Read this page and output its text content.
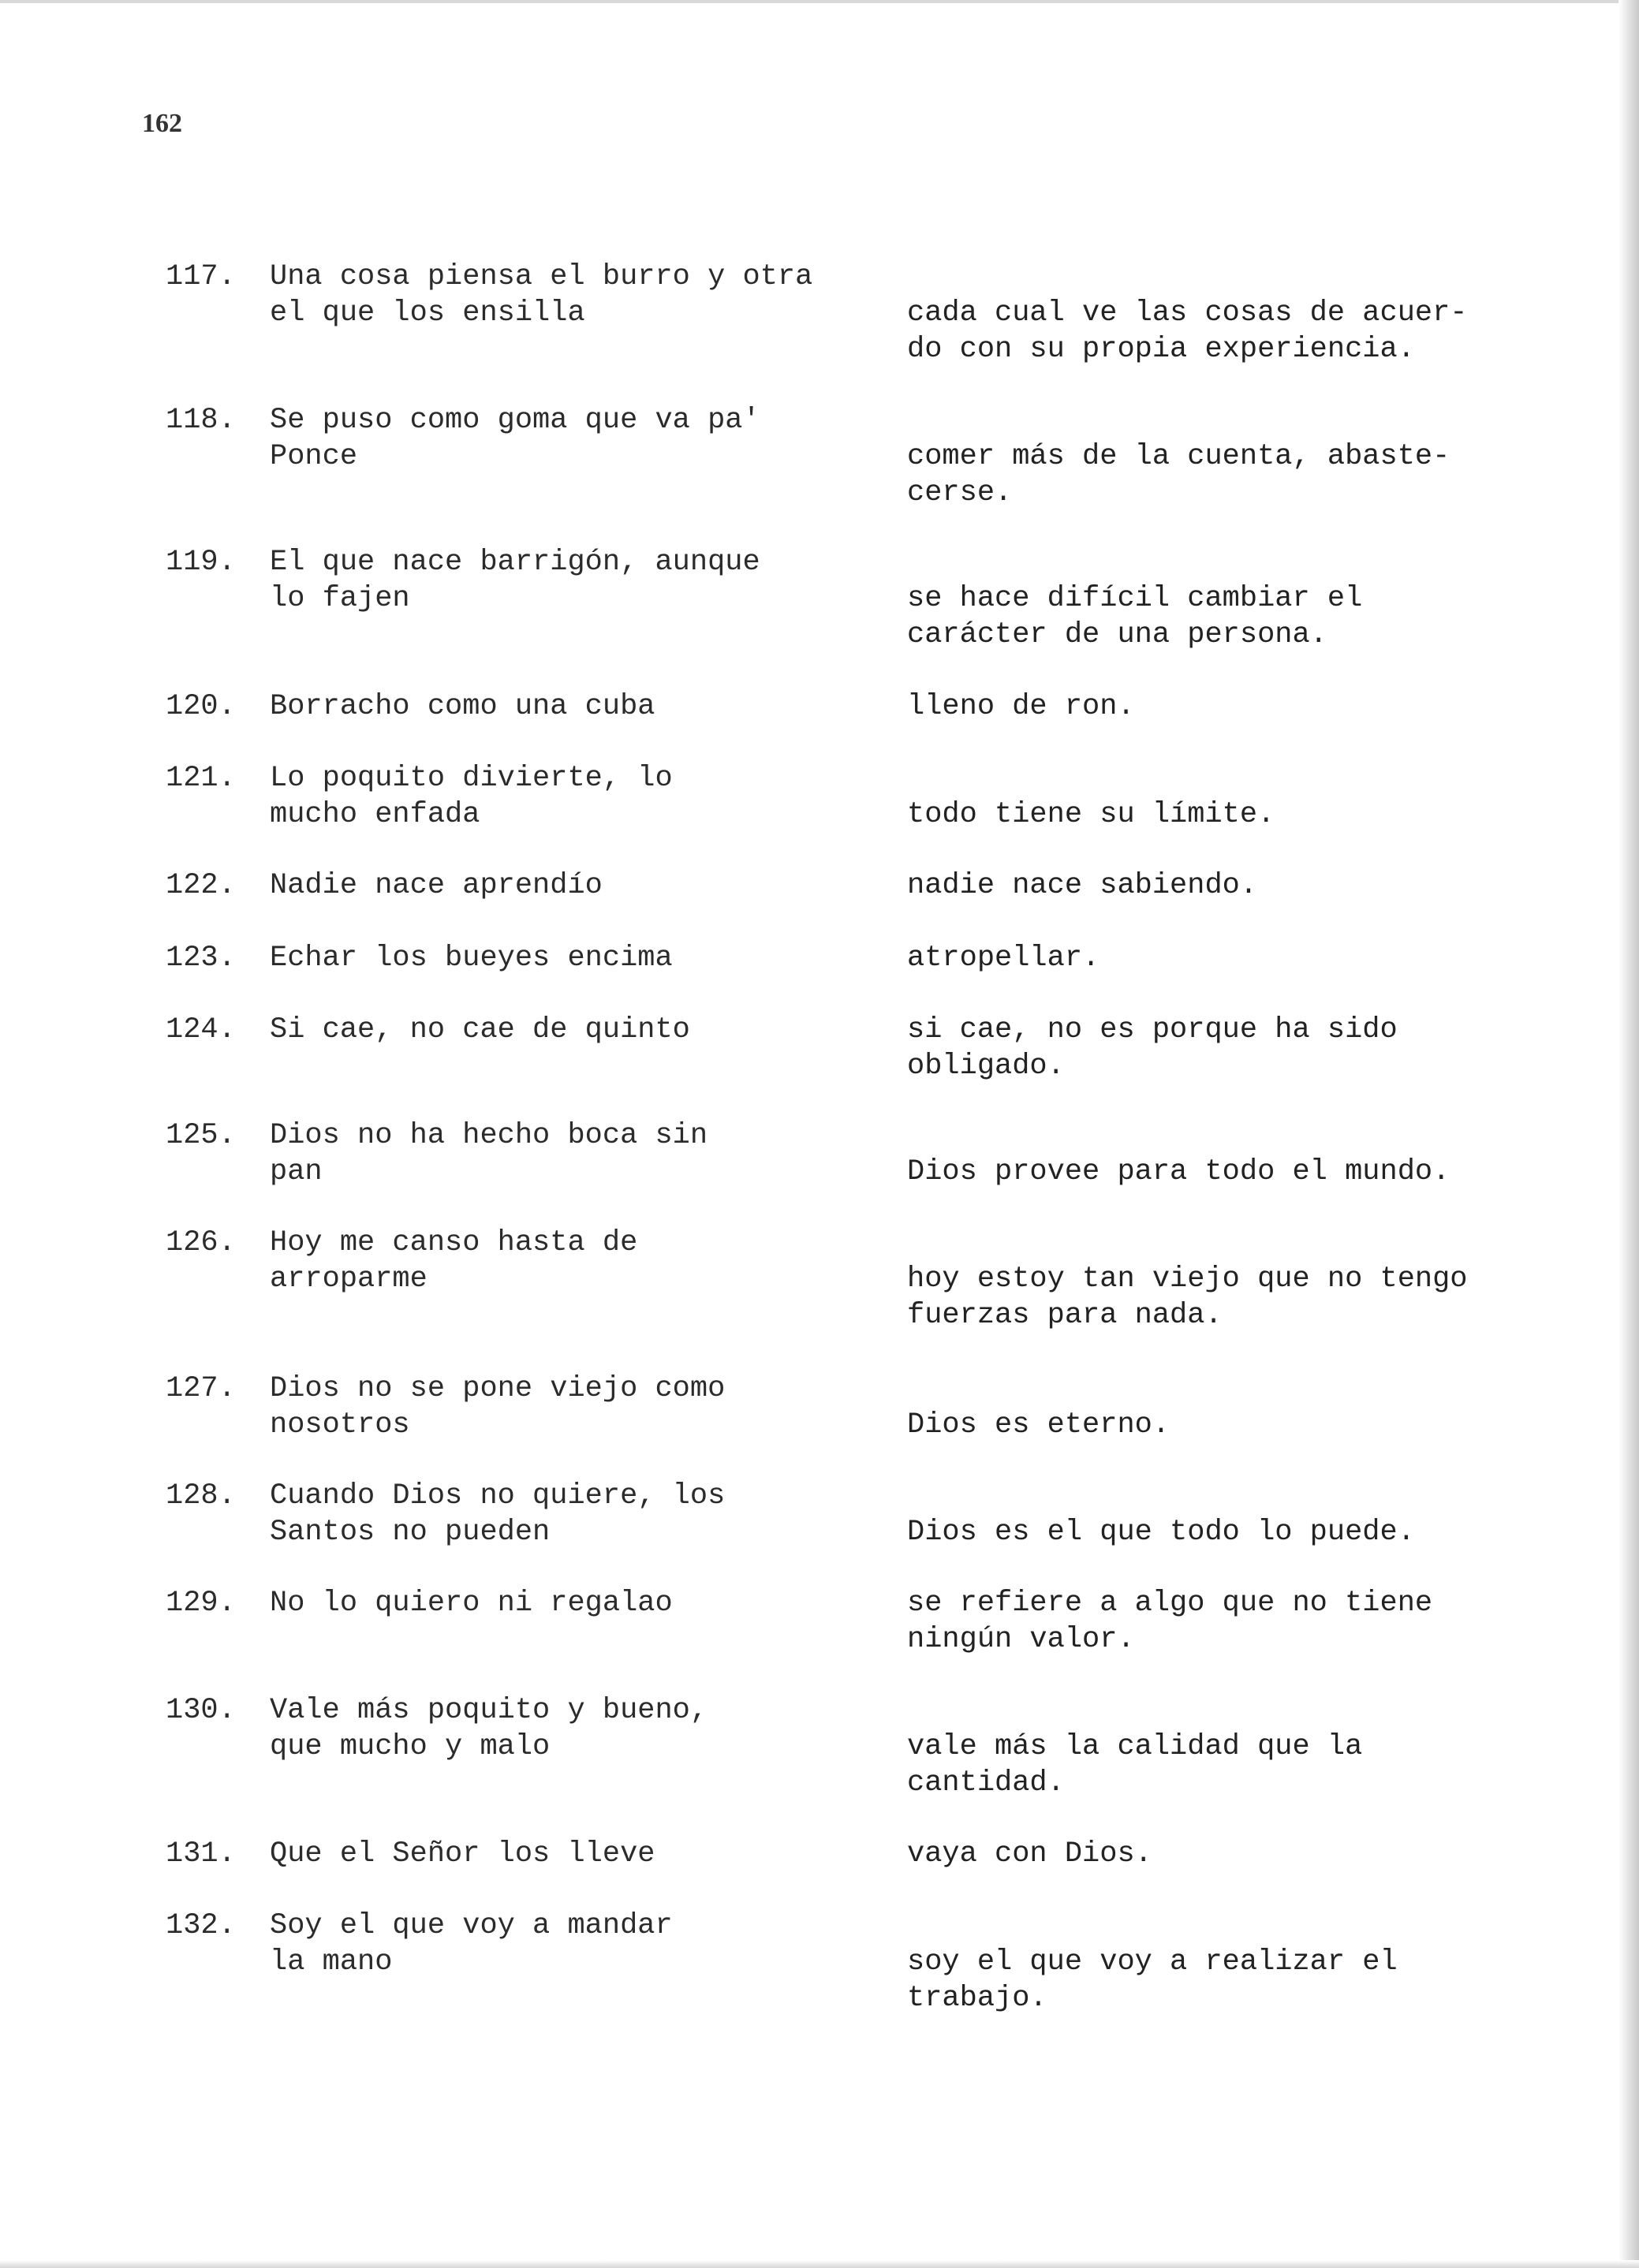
162
117. Una cosa piensa el burro y otra
el que los ensilla	cada cual ve las cosas de acuer-
do con su propia experiencia.
118. Se puso como goma que va pa'
Ponce	comer más de la cuenta, abaste-
cerse.
119. El que nace barrigón, aunque
lo fajen	se hace difícil cambiar el
carácter de una persona.
120. Borracho como una cuba	lleno de ron.
121. Lo poquito divierte, lo
mucho enfada	todo tiene su límite.
122. Nadie nace aprendío	nadie nace sabiendo.
123. Echar los bueyes encima	atropellar.
124. Si cae, no cae de quinto	si cae, no es porque ha sido
obligado.
125. Dios no ha hecho boca sin
pan	Dios provee para todo el mundo.
126. Hoy me canso hasta de
arroparme	hoy estoy tan viejo que no tengo
fuerzas para nada.
127. Dios no se pone viejo como
nosotros	Dios es eterno.
128. Cuando Dios no quiere, los
Santos no pueden	Dios es el que todo lo puede.
129. No lo quiero ni regalao	se refiere a algo que no tiene
ningún valor.
130. Vale más poquito y bueno,
que mucho y malo	vale más la calidad que la
cantidad.
131. Que el Señor los lleve	vaya con Dios.
132. Soy el que voy a mandar
la mano	soy el que voy a realizar el
trabajo.
